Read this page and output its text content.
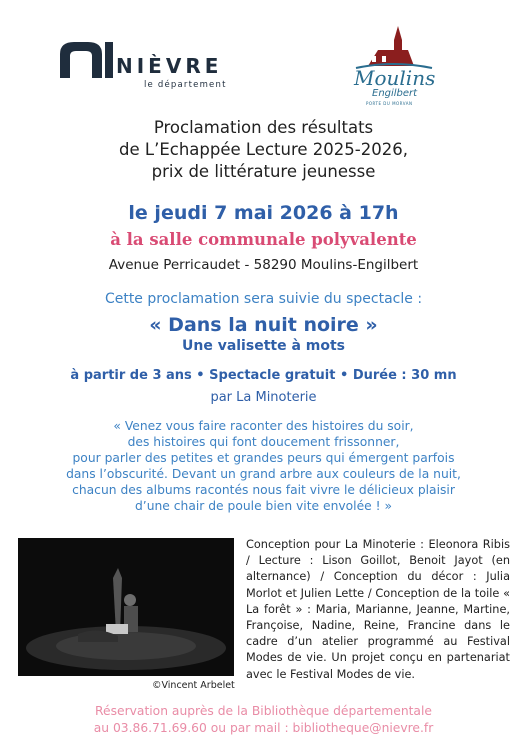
NIÈVRE
le département	Moulins
Engilbert
PORTE DU MORVAN
Proclamation des résultats
de L’Echappée Lecture 2025-2026,
prix de littérature jeunesse
le jeudi 7 mai 2026 à 17h
à la salle communale polyvalente
Avenue Perricaudet - 58290 Moulins-Engilbert
Cette proclamation sera suivie du spectacle :
« Dans la nuit noire »
Une valisette à mots
à partir de 3 ans • Spectacle gratuit • Durée : 30 mn
par La Minoterie
« Venez vous faire raconter des histoires du soir,
des histoires qui font doucement frissonner,
pour parler des petites et grandes peurs qui émergent parfois
dans l’obscurité. Devant un grand arbre aux couleurs de la nuit,
chacun des albums racontés nous fait vivre le délicieux plaisir
d’une chair de poule bien vite envolée ! »
©Vincent Arbelet
Conception pour La Minoterie : Eleonora Ribis / Lecture : Lison Goillot, Benoit Jayot (en alternance) / Conception du décor : Julia Morlot et Julien Lette / Conception de la toile « La forêt » : Maria, Marianne, Jeanne, Martine, Françoise, Nadine, Reine, Francine dans le cadre d’un atelier programmé au Festival Modes de vie. Un projet conçu en partenariat avec le Festival Modes de vie.
Réservation auprès de la Bibliothèque départementale
au 03.86.71.69.60 ou par mail : bibliotheque@nievre.fr
